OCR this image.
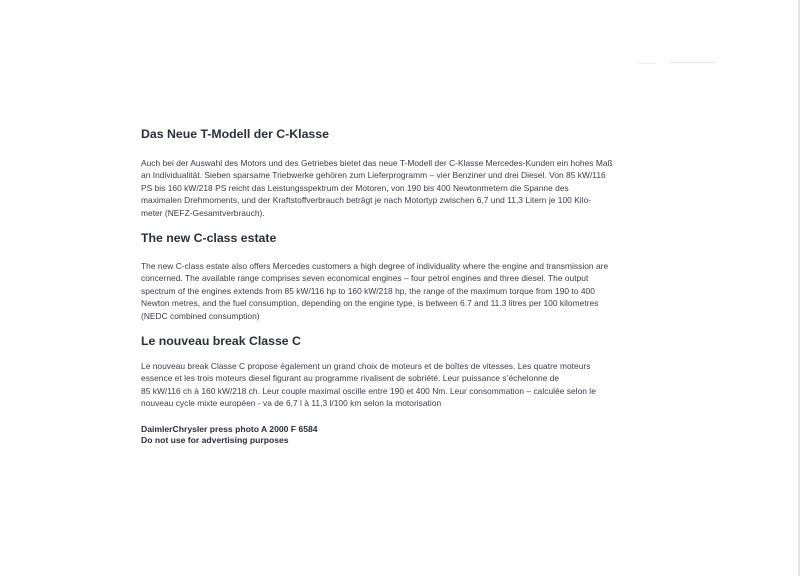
Das Neue T-Modell der C-Klasse

Auch bei der Auswahl des Motors und des Getriebes bietet das neue T-Modell der C-Klasse Mercedes-Kunden ein hohes Maß
an Individualität. Sieben sparsame Triebwerke gehören zum Lieferprogramm – vier Benziner und drei Diesel. Von 85 kW/116
PS bis 160 kW/218 PS reicht das Leistungsspektrum der Motoren, von 190 bis 400 Newtonmetern die Spanne des
maximalen Drehmoments, und der Kraftstoffverbrauch beträgt je nach Motortyp zwischen 6,7 und 11,3 Litern je 100 Kilo-
meter (NEFZ-Gesamtverbrauch).

The new C-class estate

The new C-class estate also offers Mercedes customers a high degree of individuality where the engine and transmission are
concerned. The available range comprises seven economical engines – four petrol engines and three diesel. The output
spectrum of the engines extends from 85 kW/116 hp to 160 kW/218 hp, the range of the maximum torque from 190 to 400
Newton metres, and the fuel consumption, depending on the engine type, is between 6.7 and 11.3 litres per 100 kilometres
(NEDC combined consumption)

Le nouveau break Classe C

Le nouveau break Classe C propose également un grand choix de moteurs et de boîtes de vitesses. Les quatre moteurs
essence et les trois moteurs diesel figurant au programme rivalisent de sobriété. Leur puissance s’échelonne de
85 kW/116 ch à 160 kW/218 ch. Leur couple maximal oscille entre 190 et 400 Nm. Leur consommation – calculée selon le
nouveau cycle mixte européen - va de 6,7 l à 11,3 l/100 km selon la motorisation

DaimlerChrysler press photo A 2000 F 6584
Do not use for advertising purposes
